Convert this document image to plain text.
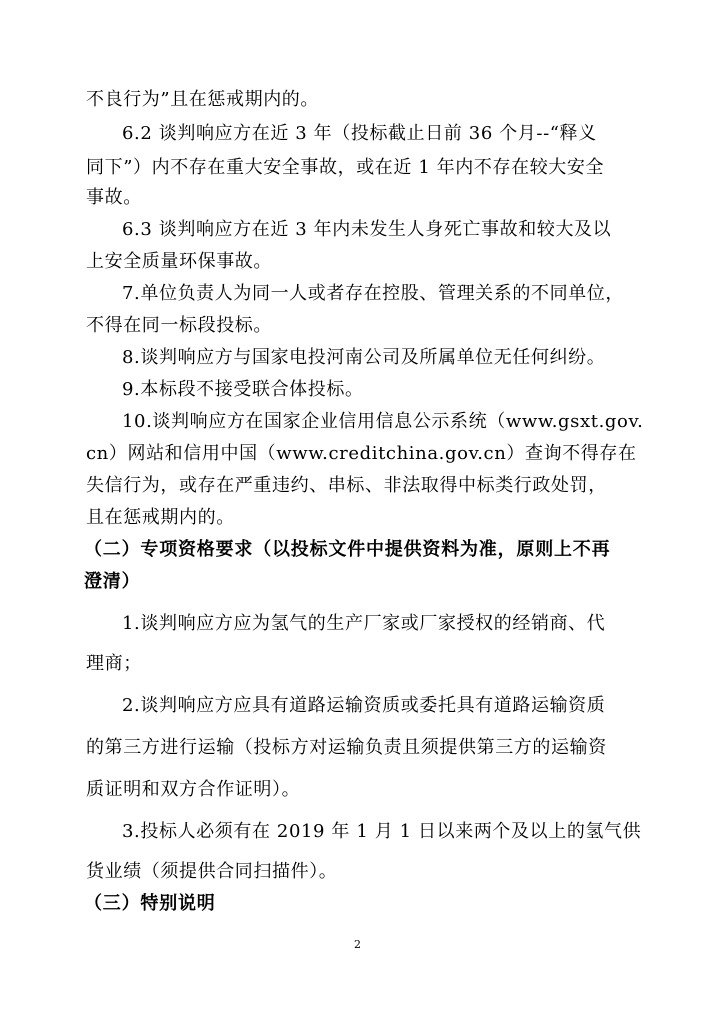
不良行为”且在惩戒期内的。
6.2 谈判响应方在近 3 年（投标截止日前 36 个月--“释义
同下”）内不存在重大安全事故，或在近 1 年内不存在较大安全
事故。
6.3 谈判响应方在近 3 年内未发生人身死亡事故和较大及以
上安全质量环保事故。
7.单位负责人为同一人或者存在控股、管理关系的不同单位，
不得在同一标段投标。
8.谈判响应方与国家电投河南公司及所属单位无任何纠纷。
9.本标段不接受联合体投标。
10.谈判响应方在国家企业信用信息公示系统（www.gsxt.gov.
cn）网站和信用中国（www.creditchina.gov.cn）查询不得存在
失信行为，或存在严重违约、串标、非法取得中标类行政处罚，
且在惩戒期内的。
（二）专项资格要求（以投标文件中提供资料为准，原则上不再
澄清）
1.谈判响应方应为氢气的生产厂家或厂家授权的经销商、代
理商；
2.谈判响应方应具有道路运输资质或委托具有道路运输资质
的第三方进行运输（投标方对运输负责且须提供第三方的运输资
质证明和双方合作证明）。
3.投标人必须有在 2019 年 1 月 1 日以来两个及以上的氢气供
货业绩（须提供合同扫描件）。
（三）特别说明
2
